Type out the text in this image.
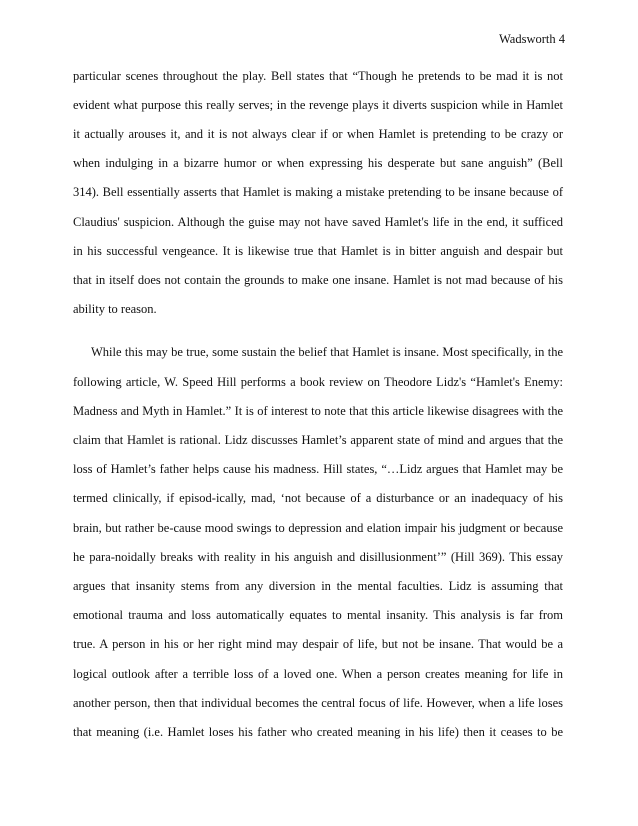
Wadsworth 4
particular scenes throughout the play. Bell states that “Though he pretends to be mad it is not
evident what purpose this really serves; in the revenge plays it diverts suspicion while in Hamlet
it actually arouses it, and it is not always clear if or when Hamlet is pretending to be crazy or
when indulging in a bizarre humor or when expressing his desperate but sane anguish” (Bell
314). Bell essentially asserts that Hamlet is making a mistake pretending to be insane because of
Claudius' suspicion. Although the guise may not have saved Hamlet's life in the end, it sufficed
in his successful vengeance. It is likewise true that Hamlet is in bitter anguish and despair but
that in itself does not contain the grounds to make one insane. Hamlet is not mad because of his
ability to reason.
While this may be true, some sustain the belief that Hamlet is insane. Most specifically, in the
following article, W. Speed Hill performs a book review on Theodore Lidz's “Hamlet's Enemy:
Madness and Myth in Hamlet.” It is of interest to note that this article likewise disagrees with the
claim that Hamlet is rational. Lidz discusses Hamlet’s apparent state of mind and argues that the
loss of Hamlet’s father helps cause his madness. Hill states, “…Lidz argues that Hamlet may be
termed clinically, if episod-ically, mad, ‘not because of a disturbance or an inadequacy of his
brain, but rather be-cause mood swings to depression and elation impair his judgment or because
he para-noidally breaks with reality in his anguish and disillusionment’” (Hill 369). This essay
argues that insanity stems from any diversion in the mental faculties. Lidz is assuming that
emotional trauma and loss automatically equates to mental insanity. This analysis is far from
true. A person in his or her right mind may despair of life, but not be insane. That would be a
logical outlook after a terrible loss of a loved one. When a person creates meaning for life in
another person, then that individual becomes the central focus of life. However, when a life loses
that meaning (i.e. Hamlet loses his father who created meaning in his life) then it ceases to be
